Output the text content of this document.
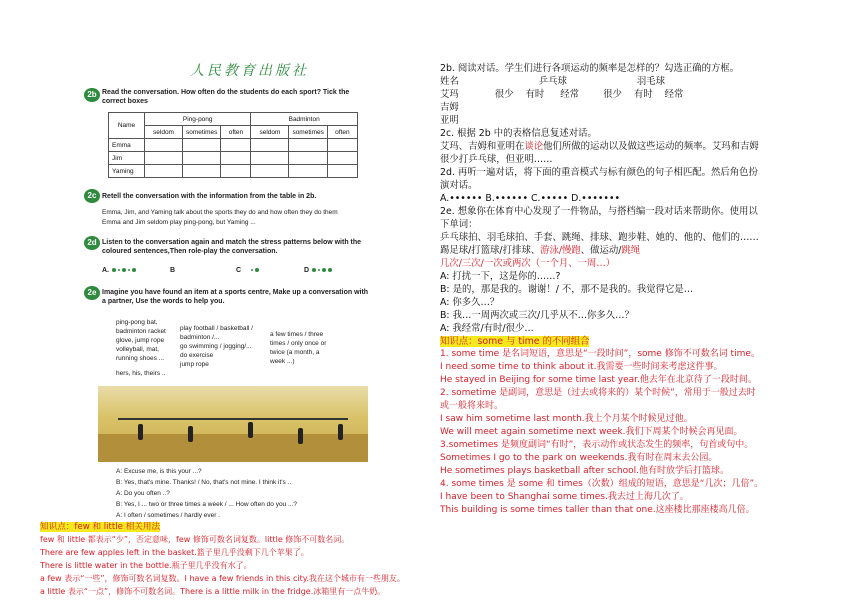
人民教育出版社
2b Read the conversation. How often do the students do each sport? Tick the correct boxes
Name	Ping-pong			Badminton		
	seldom	sometimes	often	seldom	sometimes	often
Emma						
Jim						
Yaming						
2c Retell the conversation with the information from the table in 2b.
Emma, Jim, and Yaming talk about the sports they do and how often they do them
Emma and Jim seldom play ping-pong, but Yaming ...
2d Listen to the conversation again and match the stress patterns below with the coloured sentences,Then role-play the conversation.
A.	B	C	D
2e Imagine you have found an item at a sports centre, Make up a conversation with a partner, Use the words to help you.
ping-pong bat,
badminton racket
glove, jump rope
volleyball, mat,
running shoes ...
hers, his, theirs ..
play football / basketball /
badminton /...
go swimming / jogging/...
do exercise
jump rope
a few times / three
times / only once or
twice (a month, a
week ...)
A: Excuse me, is this your ...?
B: Yes, that's mine. Thanks! / No, that's not mine. I think it's ..
A: Do you often ..?
B: Yes, I ... two or three times a week / ... How often do you ...?
A: I often / sometimes / hardly ever .
知识点：few 和 little 相关用法
few 和 little 都表示“少”，否定意味，few 修饰可数名词复数。little 修饰不可数名词。
There are few apples left in the basket.篮子里几乎没剩下几个苹果了。
There is little water in the bottle.瓶子里几乎没有水了。
a few 表示“一些”，修饰可数名词复数。I have a few friends in this city.我在这个城市有一些朋友。
a little 表示“一点”，修饰不可数名词。There is a little milk in the fridge.冰箱里有一点牛奶。
2b. 阅读对话。学生们进行各项运动的频率是怎样的？勾选正确的方框。
姓名	乒乓球	羽毛球
艾玛	很少 有时 经常	很少 有时 经常
吉姆
亚明
2c. 根据 2b 中的表格信息复述对话。
艾玛、吉姆和亚明在谈论他们所做的运动以及做这些运动的频率。艾玛和吉姆
很少打乒乓球，但亚明……
2d. 再听一遍对话，将下面的重音模式与标有颜色的句子相匹配。然后角色扮
演对话。
A.•••••• B.•••••• C.••••• D.•••••••
2e. 想象你在体育中心发现了一件物品，与搭档编一段对话来帮助你。使用以
下单词：
乒乓球拍、羽毛球拍、手套、跳绳、排球、跑步鞋、她的、他的、他们的……
踢足球/打篮球/打排球、游泳/慢跑、做运动/跳绳
几次/三次/一次或两次（一个月、一周…）
A: 打扰一下，这是你的……?
B: 是的，那是我的。谢谢！/ 不，那不是我的。我觉得它是…
A: 你多久…？
B: 我…一周两次或三次/几乎从不…你多久…？
A: 我经常/有时/很少…
知识点：some 与 time 的不同组合
1. some time 是名词短语，意思是“一段时间”，some 修饰不可数名词 time。
I need some time to think about it.我需要一些时间来考虑这件事。
He stayed in Beijing for some time last year.他去年在北京待了一段时间。
2. sometime 是副词，意思是（过去或将来的）某个时候”，常用于一般过去时
或一般将来时。
I saw him sometime last month.我上个月某个时候见过他。
We will meet again sometime next week.我们下周某个时候会再见面。
3.sometimes 是频度副词“有时”，表示动作或状态发生的频率，句首或句中。
Sometimes I go to the park on weekends.我有时在周末去公园。
He sometimes plays basketball after school.他有时放学后打篮球。
4. some times 是 some 和 times（次数）组成的短语，意思是“几次；几倍”。
I have been to Shanghai some times.我去过上海几次了。
This building is some times taller than that one.这座楼比那座楼高几倍。
